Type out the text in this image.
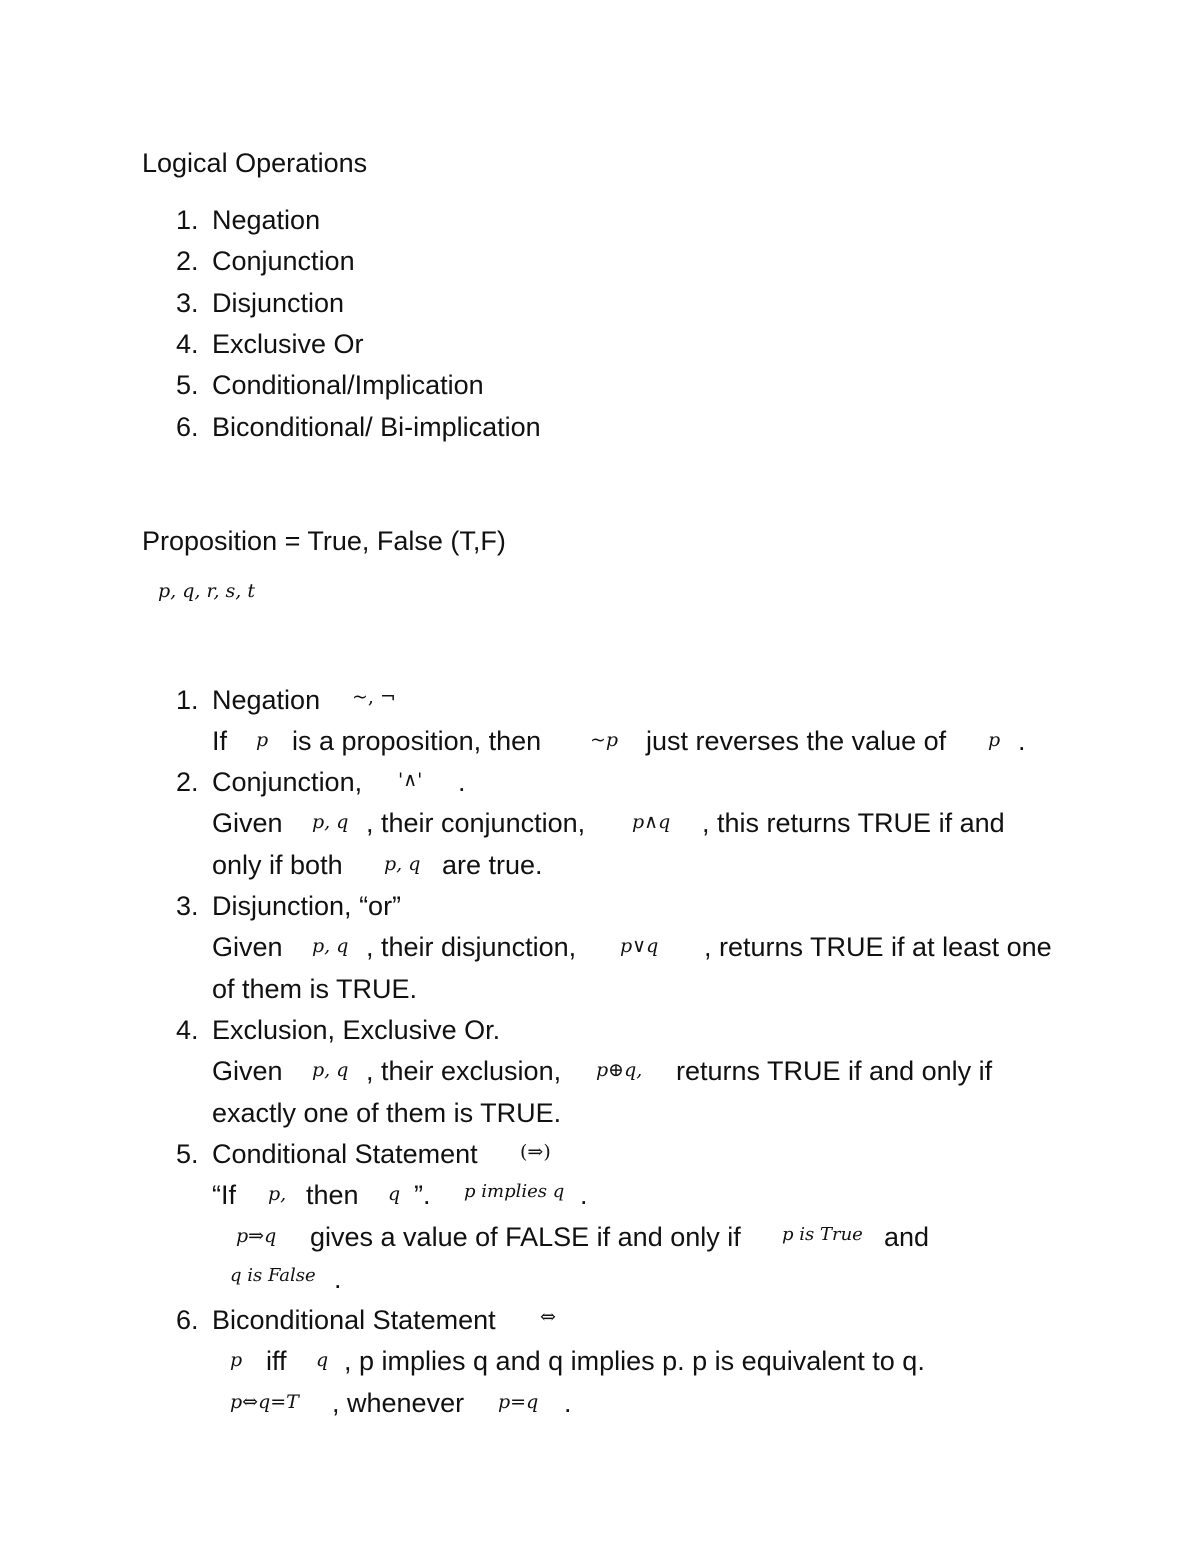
Logical Operations
1. Negation
2. Conjunction
3. Disjunction
4. Exclusive Or
5. Conditional/Implication
6. Biconditional/ Bi-implication
Proposition = True, False (T,F)
p, q, r, s, t
1. Negation ~, ¬
If p is a proposition, then	~p just reverses the value of p .
2. Conjunction, '∧' .
Given p, q , their conjunction, p∧q , this returns TRUE if and
only if both p, q are true.
3. Disjunction, “or”
Given p, q , their disjunction, p∨q , returns TRUE if at least one
of them is TRUE.
4. Exclusion, Exclusive Or.
Given p, q , their exclusion, p⊕q, returns TRUE if and only if
exactly one of them is TRUE.
5. Conditional Statement (⇒)
“If p, then q ”. p implies q .
p⇒q gives a value of FALSE if and only if p is True and
q is False .
6. Biconditional Statement ⇔
p iff q , p implies q and q implies p. p is equivalent to q.
p⇔q=T , whenever p=q .
